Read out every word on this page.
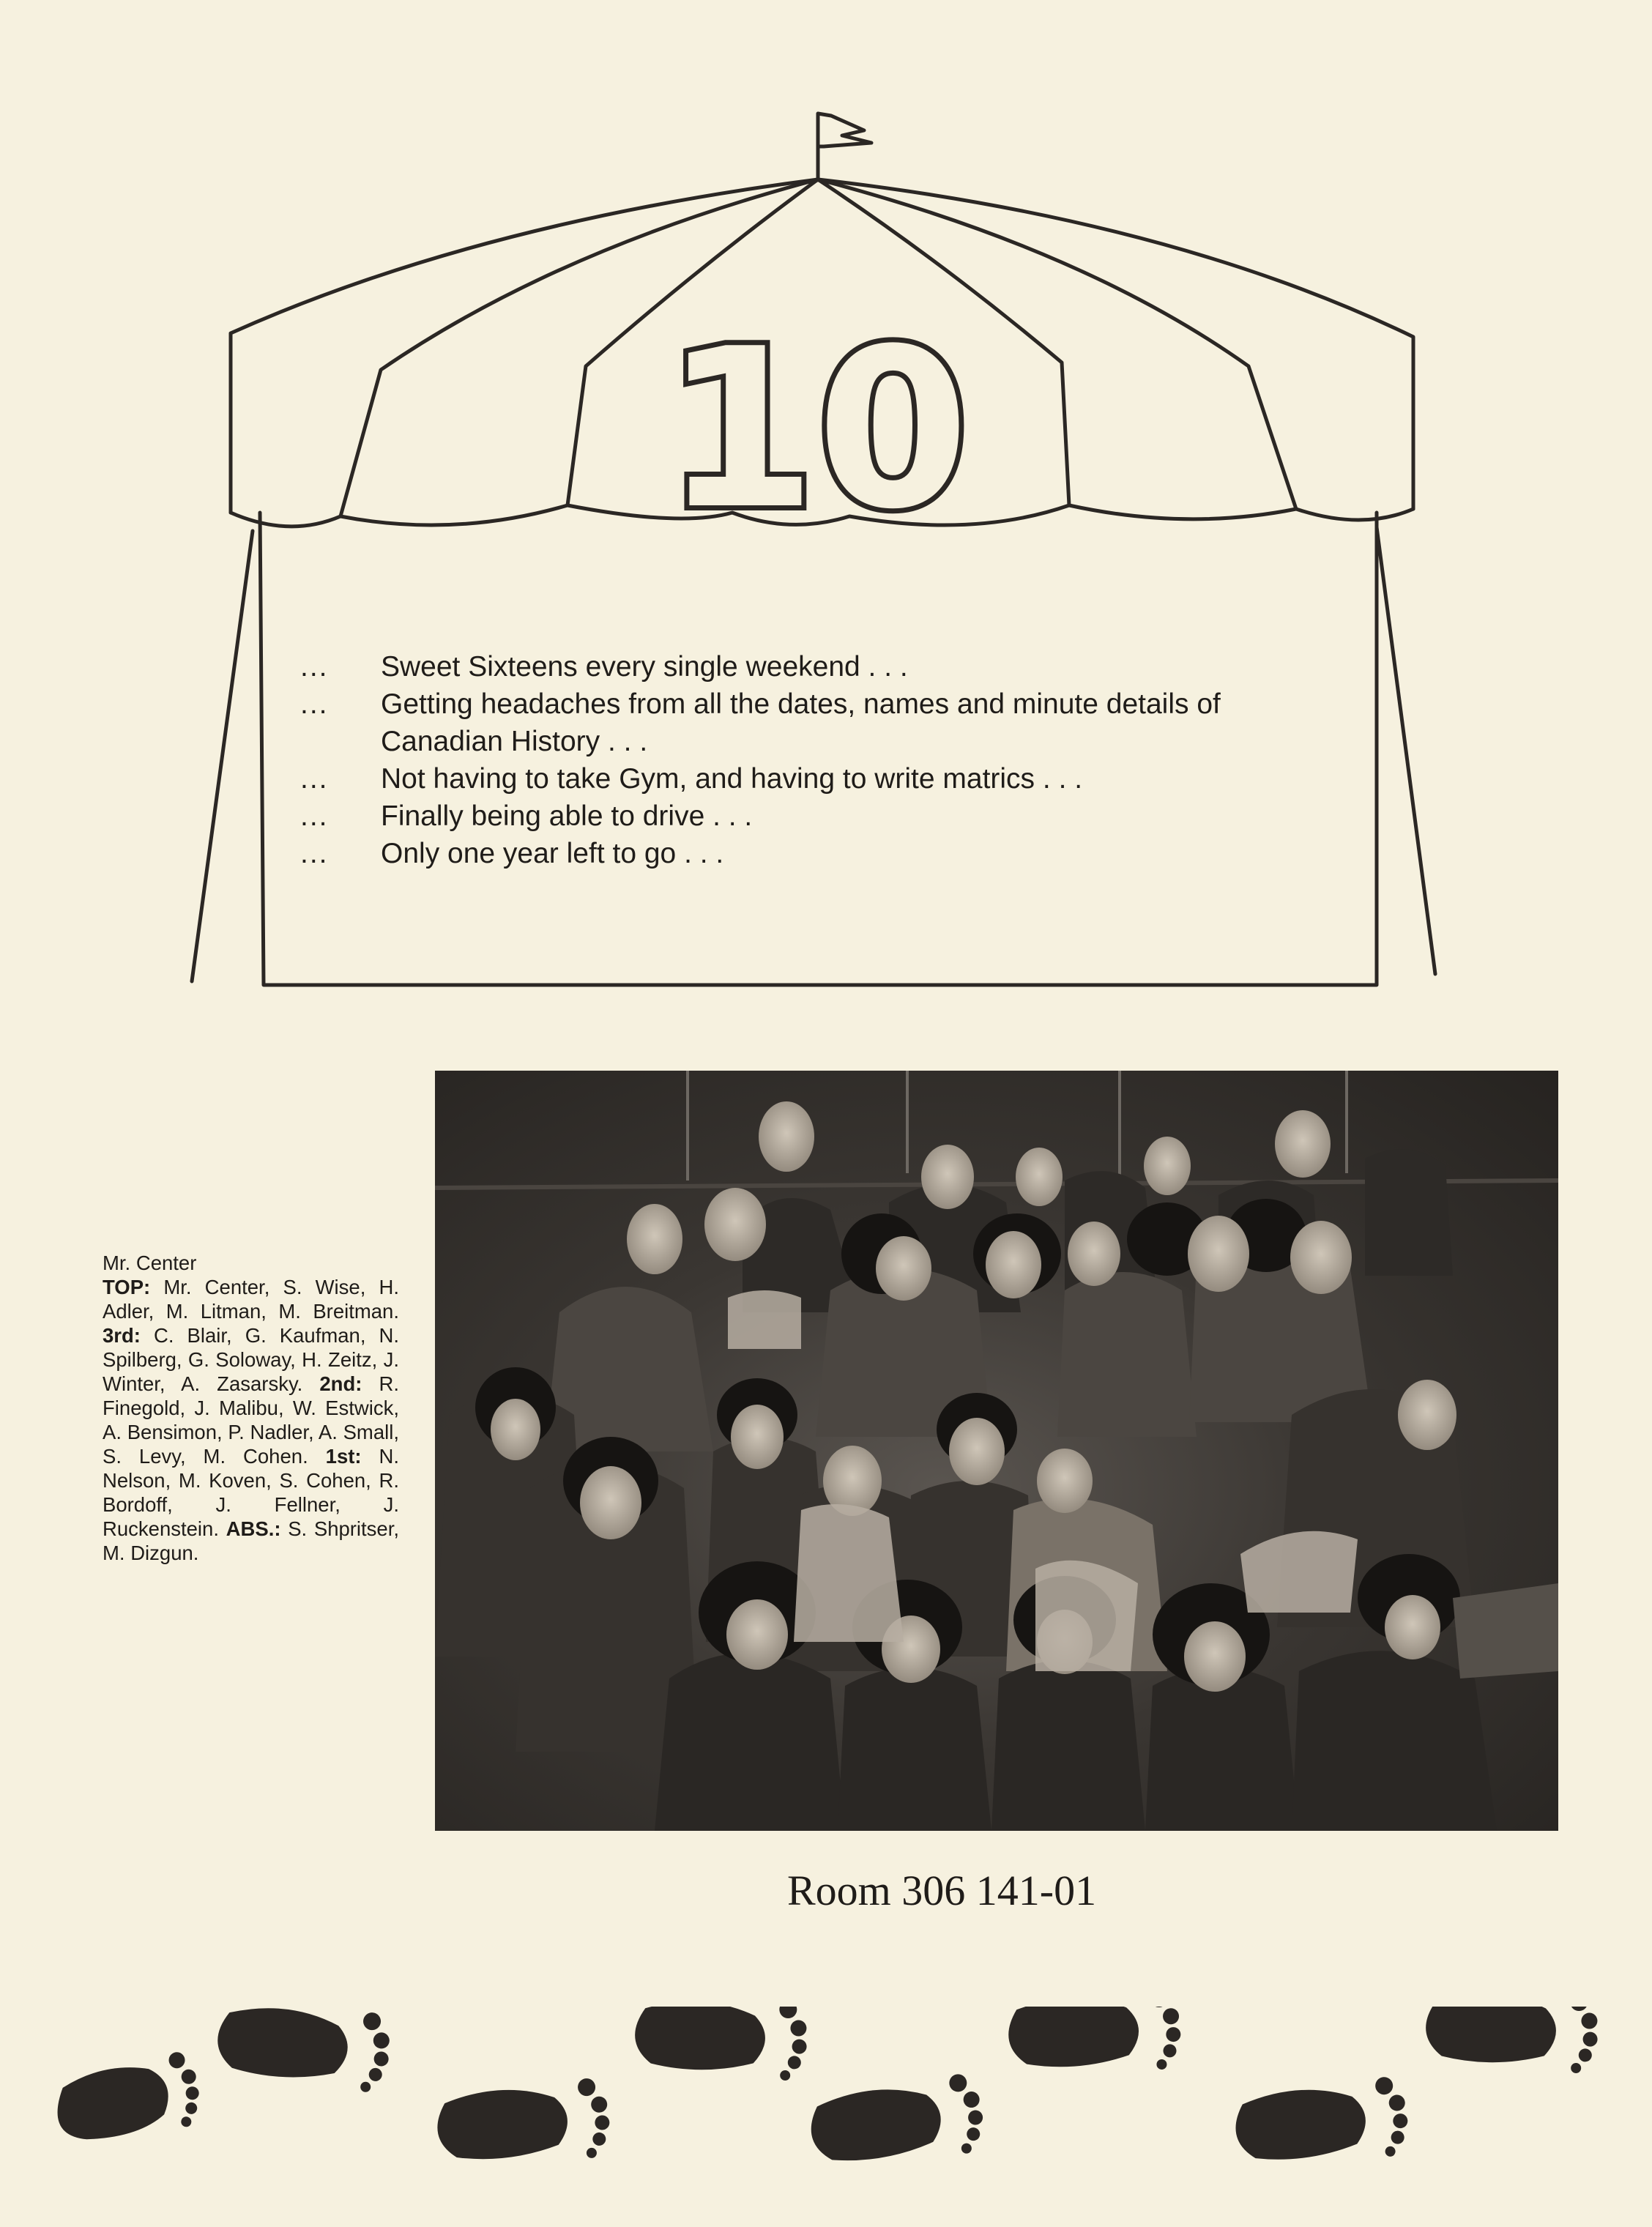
10
...	Sweet Sixteens every single weekend . . .
...	Getting headaches from all the dates, names and minute details of Canadian History . . .
...	Not having to take Gym, and having to write matrics . . .
...	Finally being able to drive . . .
...	Only one year left to go . . .
Mr. Center
TOP: Mr. Center, S. Wise, H. Adler, M. Litman, M. Breitman. 3rd: C. Blair, G. Kaufman, N. Spilberg, G. Soloway, H. Zeitz, J. Winter, A. Zasarsky. 2nd: R. Finegold, J. Malibu, W. Estwick, A. Bensimon, P. Nadler, A. Small, S. Levy, M. Cohen. 1st: N. Nelson, M. Koven, S. Cohen, R. Bordoff, J. Fellner, J. Ruckenstein. ABS.: S. Shpritser, M. Dizgun.
Room 306 141-01
